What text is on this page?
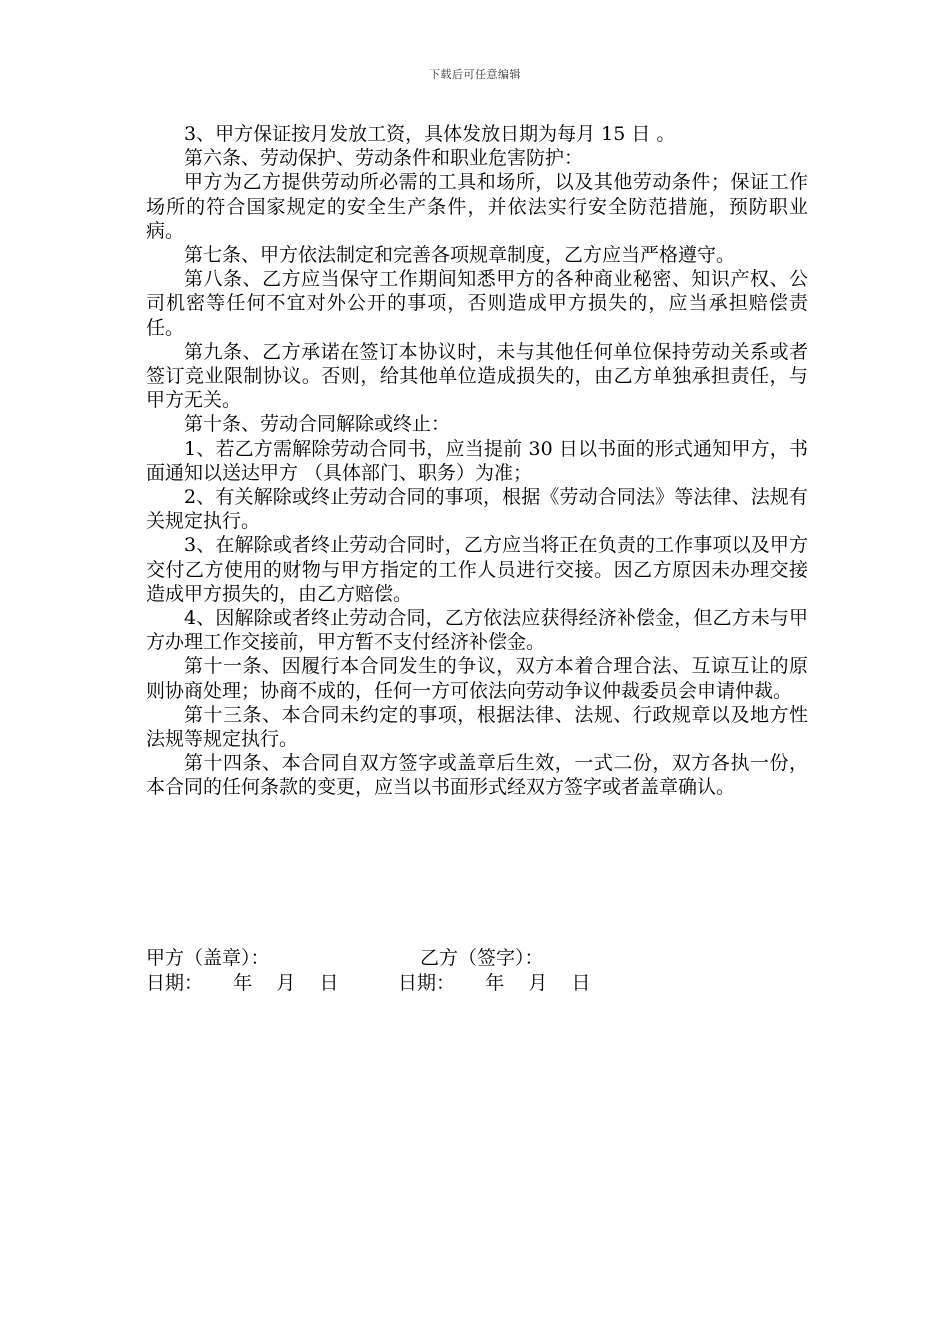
下载后可任意编辑

3、甲方保证按月发放工资，具体发放日期为每月 15 日 。

第六条、劳动保护、劳动条件和职业危害防护：

甲方为乙方提供劳动所必需的工具和场所，以及其他劳动条件；保证工作场所的符合国家规定的安全生产条件，并依法实行安全防范措施，预防职业病。

第七条、甲方依法制定和完善各项规章制度，乙方应当严格遵守。

第八条、乙方应当保守工作期间知悉甲方的各种商业秘密、知识产权、公司机密等任何不宜对外公开的事项，否则造成甲方损失的，应当承担赔偿责任。

第九条、乙方承诺在签订本协议时，未与其他任何单位保持劳动关系或者签订竞业限制协议。否则，给其他单位造成损失的，由乙方单独承担责任，与甲方无关。

第十条、劳动合同解除或终止：

1、若乙方需解除劳动合同书，应当提前 30 日以书面的形式通知甲方，书面通知以送达甲方 （具体部门、职务）为准；

2、有关解除或终止劳动合同的事项，根据《劳动合同法》等法律、法规有关规定执行。

3、在解除或者终止劳动合同时，乙方应当将正在负责的工作事项以及甲方交付乙方使用的财物与甲方指定的工作人员进行交接。因乙方原因未办理交接造成甲方损失的，由乙方赔偿。

4、因解除或者终止劳动合同，乙方依法应获得经济补偿金，但乙方未与甲方办理工作交接前，甲方暂不支付经济补偿金。

第十一条、因履行本合同发生的争议，双方本着合理合法、互谅互让的原则协商处理；协商不成的，任何一方可依法向劳动争议仲裁委员会申请仲裁。

第十三条、本合同未约定的事项，根据法律、法规、行政规章以及地方性法规等规定执行。

第十四条、本合同自双方签字或盖章后生效，一式二份，双方各执一份，本合同的任何条款的变更，应当以书面形式经双方签字或者盖章确认。

甲方（盖章）：

	乙方（签字）：

日期：     年    月    日

	日期：     年    月    日
